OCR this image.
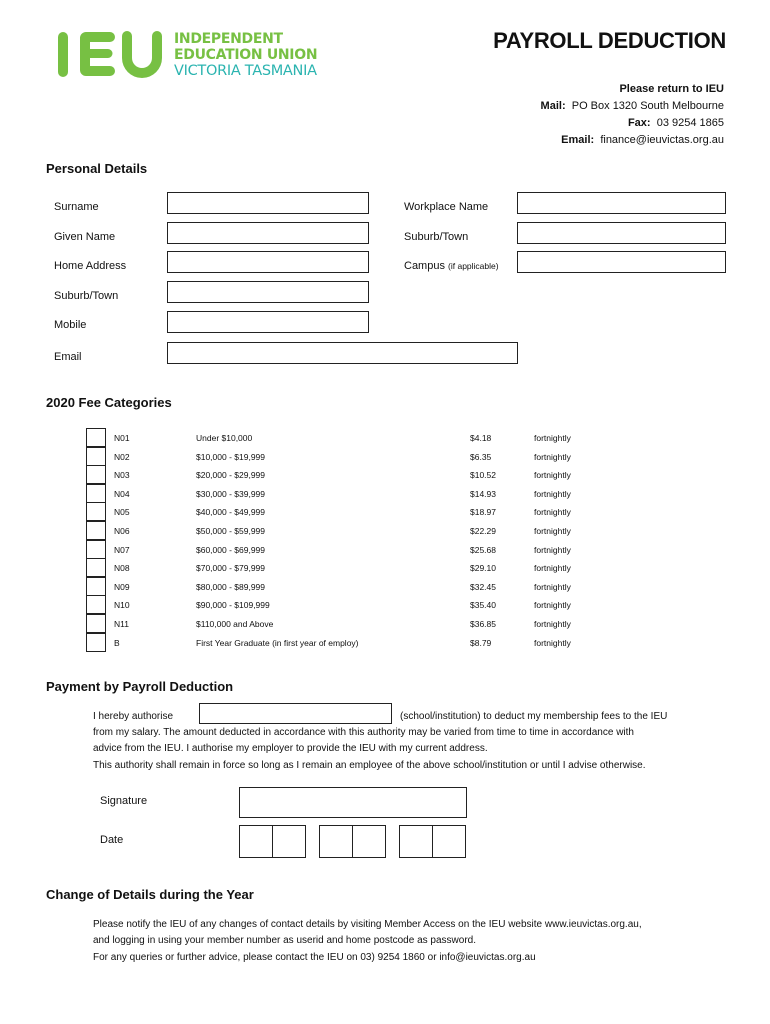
INDEPENDENT
EDUCATION UNION
VICTORIA TASMANIA
PAYROLL DEDUCTION
Please return to IEU
Mail: PO Box 1320 South Melbourne
Fax: 03 9254 1865
Email: finance@ieuvictas.org.au
Personal Details
Surname
Given Name
Home Address
Suburb/Town
Mobile
Email
Workplace Name
Suburb/Town
Campus (if applicable)
2020 Fee Categories
N01	Under $10,000	$4.18	fortnightly
N02	$10,000 - $19,999	$6.35	fortnightly
N03	$20,000 - $29,999	$10.52	fortnightly
N04	$30,000 - $39,999	$14.93	fortnightly
N05	$40,000 - $49,999	$18.97	fortnightly
N06	$50,000 - $59,999	$22.29	fortnightly
N07	$60,000 - $69,999	$25.68	fortnightly
N08	$70,000 - $79,999	$29.10	fortnightly
N09	$80,000 - $89,999	$32.45	fortnightly
N10	$90,000 - $109,999	$35.40	fortnightly
N11	$110,000 and Above	$36.85	fortnightly
B	First Year Graduate (in first year of employ)	$8.79	fortnightly
Payment by Payroll Deduction
I hereby authorise	(school/institution) to deduct my membership fees to the IEU
from my salary. The amount deducted in accordance with this authority may be varied from time to time in accordance with
advice from the IEU. I authorise my employer to provide the IEU with my current address.
This authority shall remain in force so long as I remain an employee of the above school/institution or until I advise otherwise.
Signature
Date
Change of Details during the Year
Please notify the IEU of any changes of contact details by visiting Member Access on the IEU website www.ieuvictas.org.au,
and logging in using your member number as userid and home postcode as password.
For any queries or further advice, please contact the IEU on 03) 9254 1860 or info@ieuvictas.org.au
